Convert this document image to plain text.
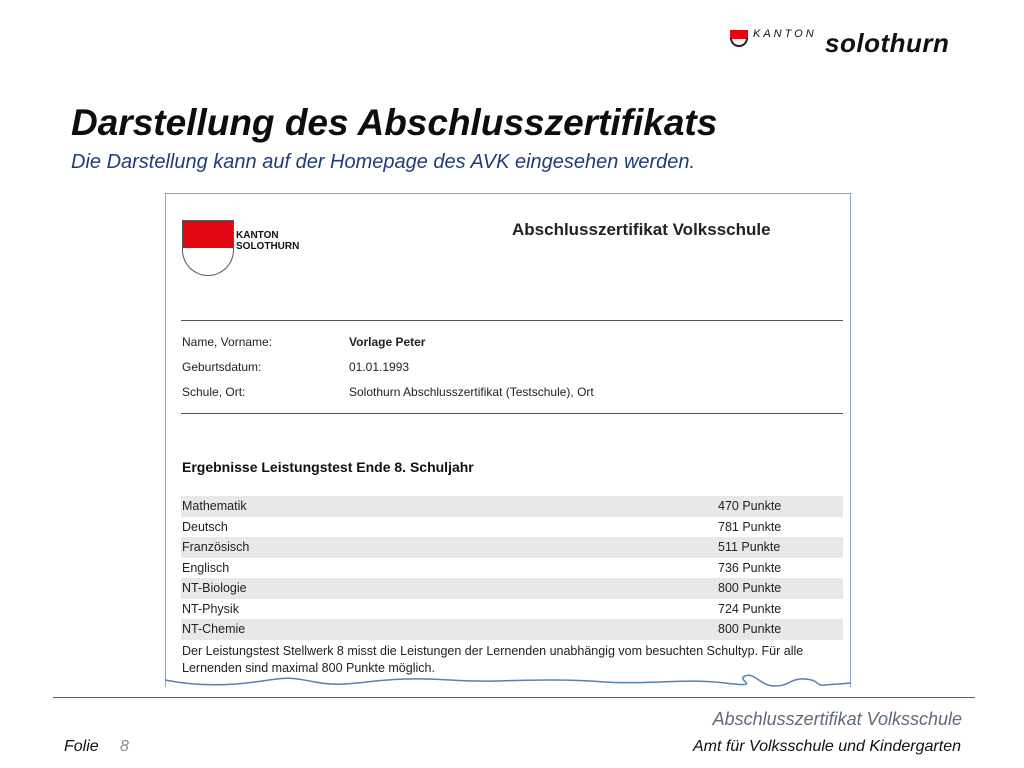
KANTON solothurn
Darstellung des Abschlusszertifikats

Die Darstellung kann auf der Homepage des AVK eingesehen werden.

KANTON
SOLOTHURN
Abschlusszertifikat Volksschule
Name, Vorname:	Vorlage Peter
Geburtsdatum:	01.01.1993
Schule, Ort:	Solothurn Abschlusszertifikat (Testschule), Ort
Ergebnisse Leistungstest Ende 8. Schuljahr
Mathematik	470 Punkte
Deutsch	781 Punkte
Französisch	511 Punkte
Englisch	736 Punkte
NT-Biologie	800 Punkte
NT-Physik	724 Punkte
NT-Chemie	800 Punkte
Der Leistungstest Stellwerk 8 misst die Leistungen der Lernenden unabhängig vom besuchten Schultyp. Für alle Lernenden sind maximal 800 Punkte möglich.
Abschlusszertifikat Volksschule
Folie 8	Amt für Volksschule und Kindergarten
